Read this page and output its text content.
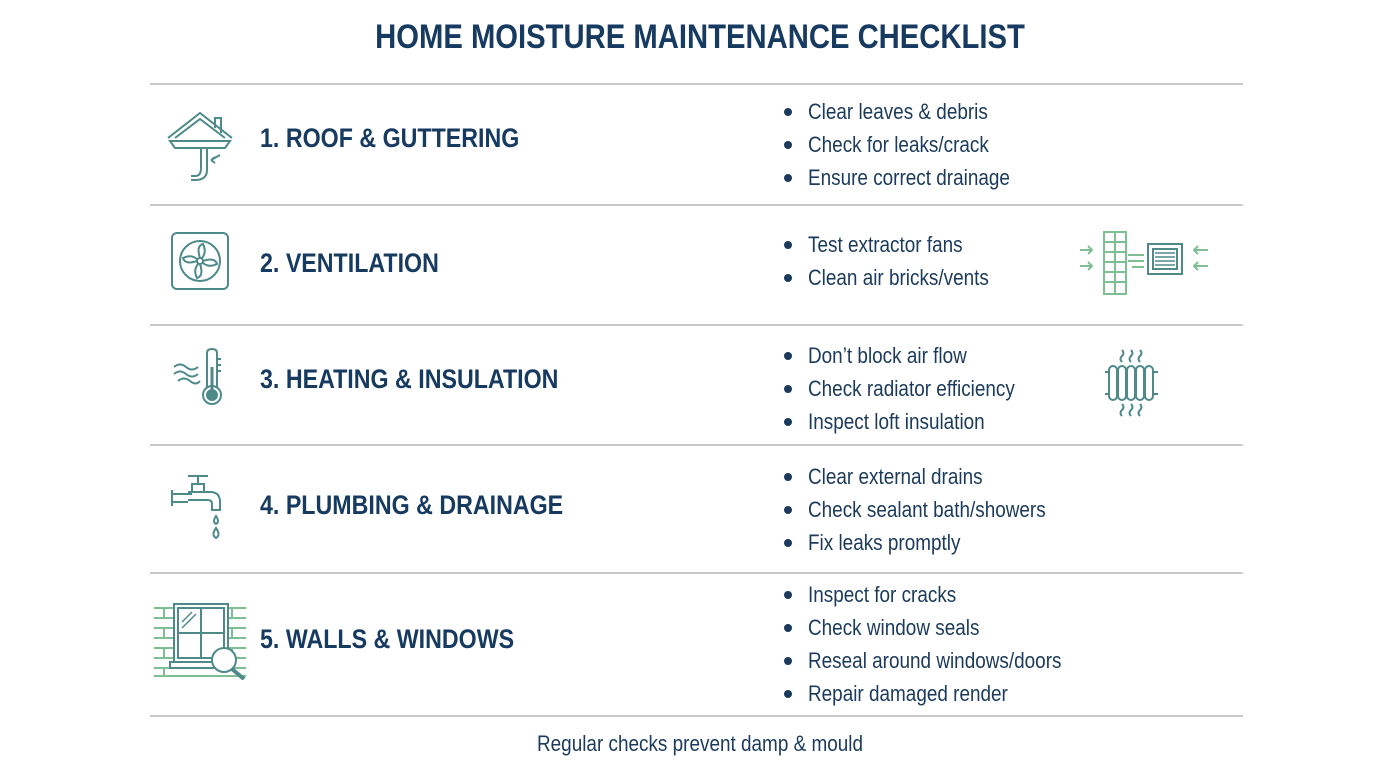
HOME MOISTURE MAINTENANCE CHECKLIST
1. ROOF & GUTTERING
Clear leaves & debris
Check for leaks/crack
Ensure correct drainage
2. VENTILATION
Test extractor fans
Clean air bricks/vents
3. HEATING & INSULATION
Don’t block air flow
Check radiator efficiency
Inspect loft insulation
4. PLUMBING & DRAINAGE
Clear external drains
Check sealant bath/showers
Fix leaks promptly
5. WALLS & WINDOWS
Inspect for cracks
Check window seals
Reseal around windows/doors
Repair damaged render
Regular checks prevent damp & mould
